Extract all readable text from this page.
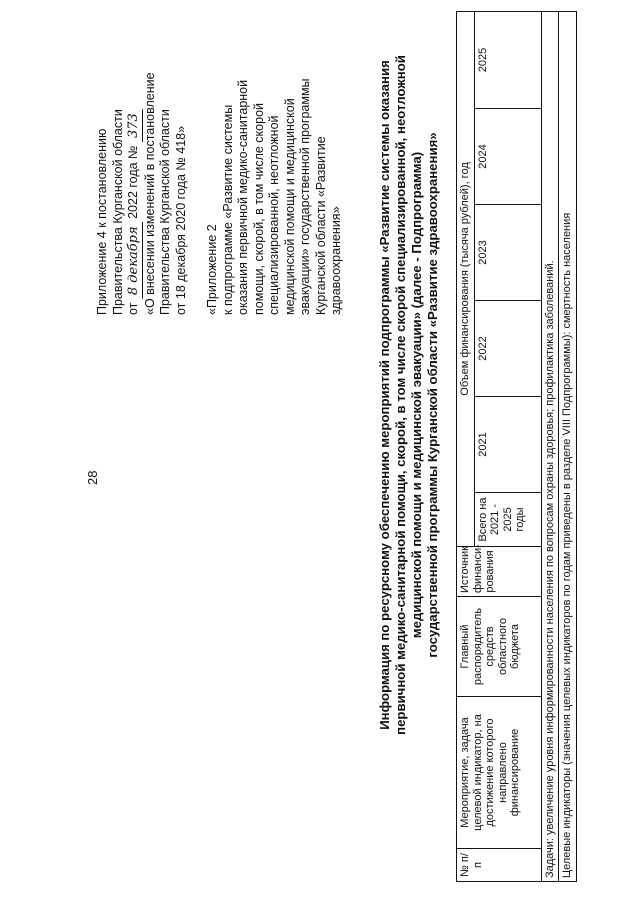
28
Приложение 4 к постановлению Правительства Курганской области от 8 декабря 2022 года № 373 «О внесении изменений в постановление Правительства Курганской области от 18 декабря 2020 года № 418» «Приложение 2 к подпрограмме «Развитие системы оказания первичной медико-санитарной помощи, скорой, в том числе скорой специализированной, неотложной медицинской помощи и медицинской эвакуации» государственной программы Курганской области «Развитие здравоохранения»	Информация по ресурсному обеспечению мероприятий подпрограммы «Развитие системы оказания первичной медико-санитарной помощи, скорой, в том числе скорой специализированной, неотложной медицинской помощи и медицинской эвакуации» (далее - Подпрограмма) государственной программы Курганской области «Развитие здравоохранения»
№ п/п	Мероприятие, задача целевой индикатор, на достижение которого направлено финансирование	Главный распорядитель средств областного бюджета	Источник финанси-рования	Объем финансирования (тысяча рублей), год					
				Всего на 2021 - 2025 годы	2021	2022	2023	2024	2025
Задачи: увеличение уровня информированности населения по вопросам охраны здоровья; профилактика заболеваний.									
Целевые индикаторы (значения целевых индикаторов по годам приведены в разделе VIII Подпрограммы): смертность населения									
